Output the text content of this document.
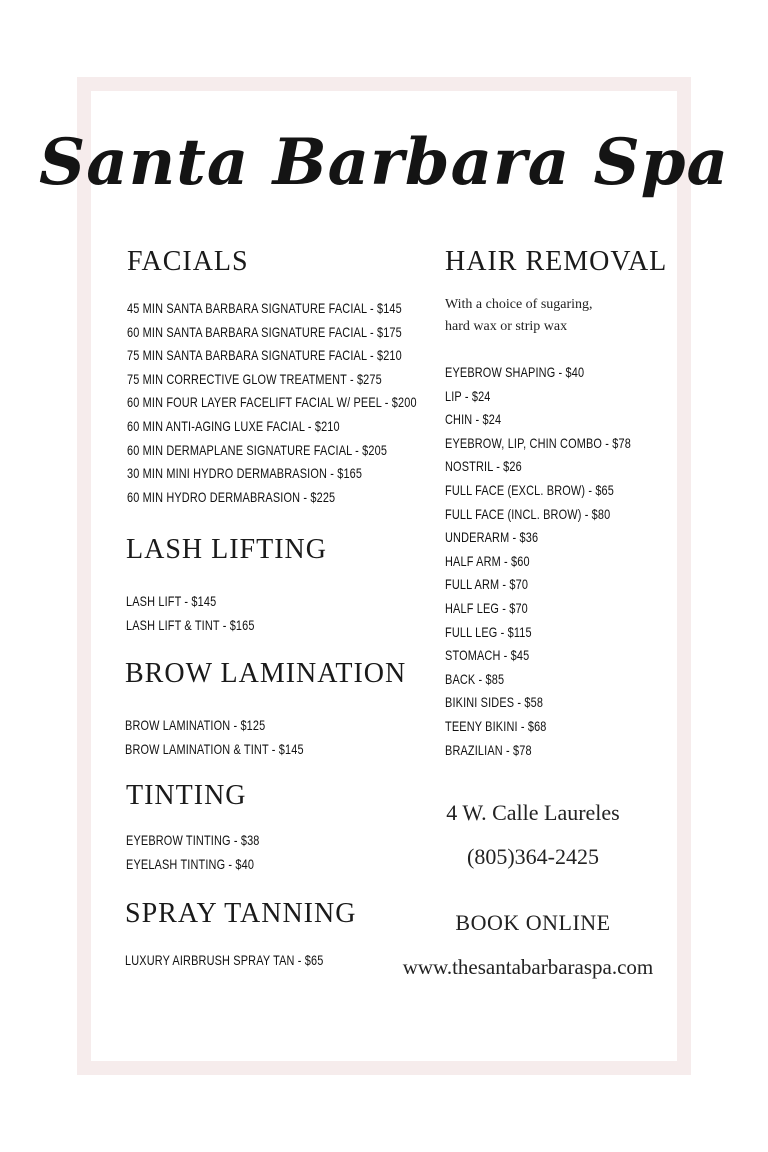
Santa Barbara Spa
FACIALS
45 MIN SANTA BARBARA SIGNATURE FACIAL - $145
60 MIN SANTA BARBARA SIGNATURE FACIAL - $175
75 MIN SANTA BARBARA SIGNATURE FACIAL - $210
75 MIN CORRECTIVE GLOW TREATMENT - $275
60 MIN FOUR LAYER FACELIFT FACIAL W/ PEEL - $200
60 MIN ANTI-AGING LUXE FACIAL - $210
60 MIN DERMAPLANE SIGNATURE FACIAL - $205
30 MIN MINI HYDRO DERMABRASION - $165
60 MIN HYDRO DERMABRASION - $225
LASH LIFTING
LASH LIFT - $145
LASH LIFT & TINT - $165
BROW LAMINATION
BROW LAMINATION - $125
BROW LAMINATION & TINT - $145
TINTING
EYEBROW TINTING - $38
EYELASH TINTING - $40
SPRAY TANNING
LUXURY AIRBRUSH SPRAY TAN - $65
HAIR REMOVAL
With a choice of sugaring,
hard wax or strip wax
EYEBROW SHAPING - $40
LIP - $24
CHIN - $24
EYEBROW, LIP, CHIN COMBO - $78
NOSTRIL - $26
FULL FACE (EXCL. BROW) - $65
FULL FACE (INCL. BROW) - $80
UNDERARM - $36
HALF ARM - $60
FULL ARM - $70
HALF LEG - $70
FULL LEG - $115
STOMACH - $45
BACK - $85
BIKINI SIDES - $58
TEENY BIKINI - $68
BRAZILIAN - $78
4 W. Calle Laureles
(805)364-2425
BOOK ONLINE
www.thesantabarbaraspa.com
